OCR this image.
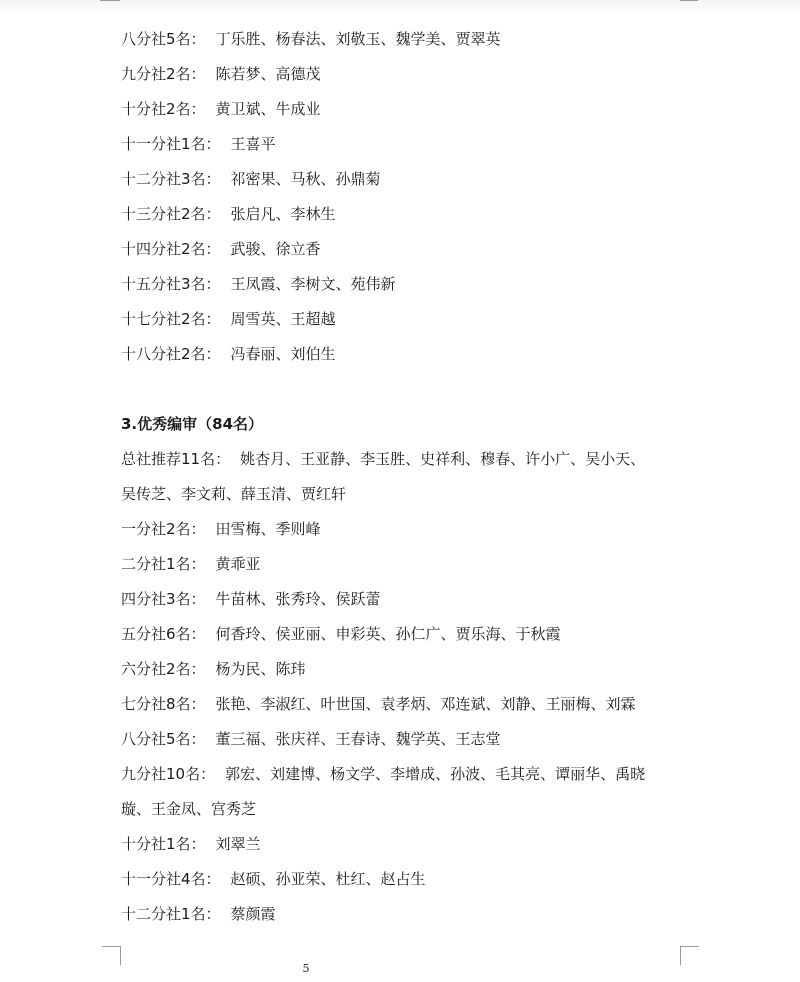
八分社5名： 丁乐胜、杨春法、刘敬玉、魏学美、贾翠英
九分社2名： 陈若梦、高德茂
十分社2名： 黄卫斌、牛成业
十一分社1名： 王喜平
十二分社3名： 祁密果、马秋、孙鼎菊
十三分社2名： 张启凡、李林生
十四分社2名： 武骏、徐立香
十五分社3名： 王凤霞、李树文、苑伟新
十七分社2名： 周雪英、王超越
十八分社2名： 冯春丽、刘伯生
3.优秀编审（84名）
总社推荐11名： 姚杏月、王亚静、李玉胜、史祥利、穆春、许小广、吴小天、
吴传芝、李文莉、薛玉清、贾红轩
一分社2名： 田雪梅、季则峰
二分社1名： 黄乖亚
四分社3名： 牛苗林、张秀玲、侯跃蕾
五分社6名： 何香玲、侯亚丽、申彩英、孙仁广、贾乐海、于秋霞
六分社2名： 杨为民、陈玮
七分社8名： 张艳、李淑红、叶世国、袁孝炳、邓连斌、刘静、王丽梅、刘霖
八分社5名： 董三福、张庆祥、王春诗、魏学英、王志堂
九分社10名： 郭宏、刘建博、杨文学、李增成、孙波、毛其亮、谭丽华、禹晓
璇、王金凤、宫秀芝
十分社1名： 刘翠兰
十一分社4名： 赵硕、孙亚荣、杜红、赵占生
十二分社1名： 蔡颜霞
5
